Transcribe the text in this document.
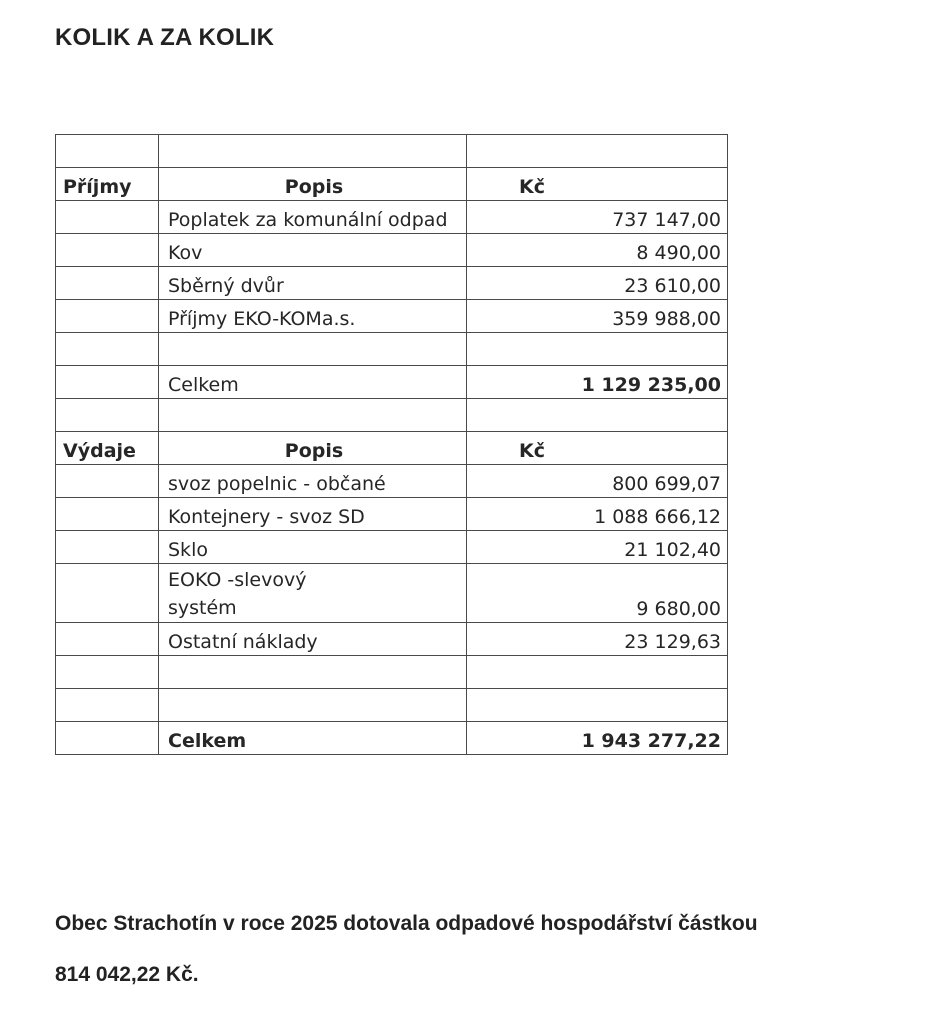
KOLIK A ZA KOLIK

Příjmy	Popis	Kč
	Poplatek za komunální odpad	737 147,00
	Kov	8 490,00
	Sběrný dvůr	23 610,00
	Příjmy EKO-KOMa.s.	359 988,00

	Celkem	1 129 235,00

Výdaje	Popis	Kč
	svoz popelnic - občané	800 699,07
	Kontejnery - svoz SD	1 088 666,12
	Sklo	21 102,40

	EOKO -slevový systém	9 680,00
	Ostatní náklady	23 129,63

	Celkem	1 943 277,22
Obec Strachotín v roce 2025 dotovala odpadové hospodářství částkou
814 042,22 Kč.
